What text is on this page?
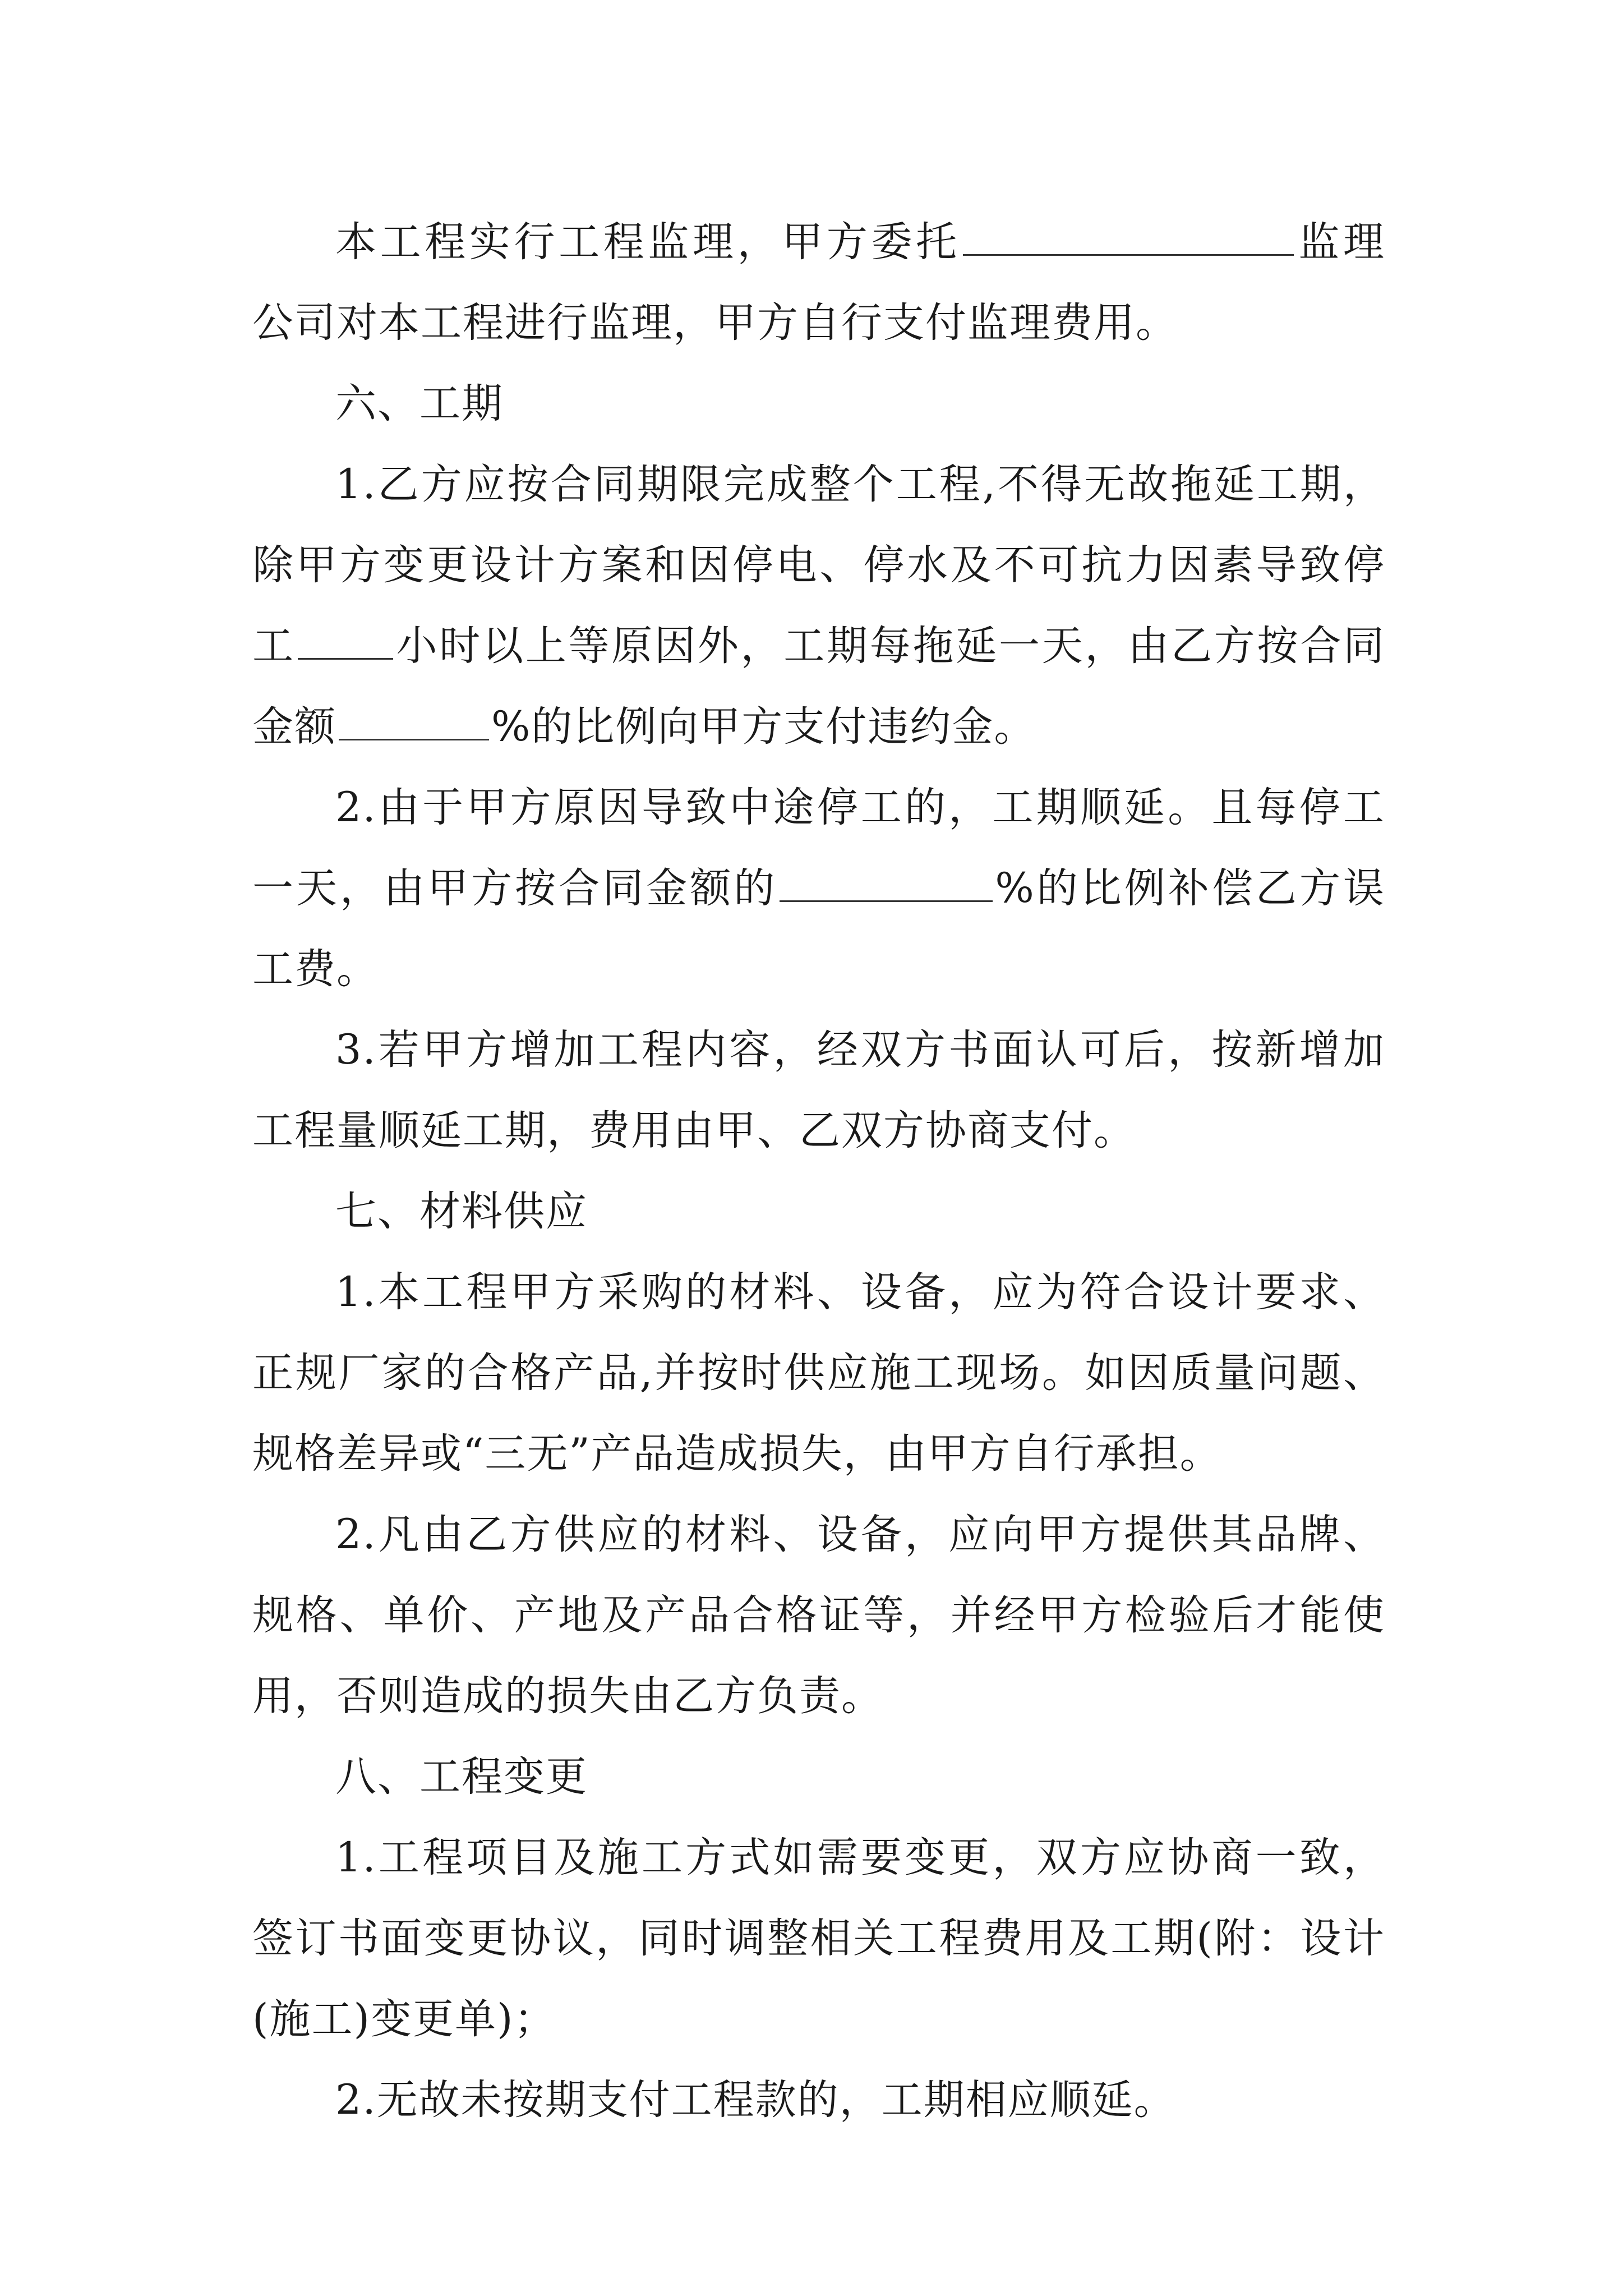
本工程实行工程监理，甲方委托	监理公司对本工程进行监理，甲方自行支付监理费用。

六、工期

1.乙方应按合同期限完成整个工程,不得无故拖延工期，除甲方变更设计方案和因停电、停水及不可抗力因素导致停工 小时以上等原因外，工期每拖延一天，由乙方按合同金额	%的比例向甲方支付违约金。

2.由于甲方原因导致中途停工的，工期顺延。且每停工一天，由甲方按合同金额的	%的比例补偿乙方误工费。

3.若甲方增加工程内容，经双方书面认可后，按新增加工程量顺延工期，费用由甲、乙双方协商支付。

七、材料供应

1.本工程甲方采购的材料、设备，应为符合设计要求、正规厂家的合格产品,并按时供应施工现场。如因质量问题、规格差异或“三无”产品造成损失，由甲方自行承担。

2.凡由乙方供应的材料、设备，应向甲方提供其品牌、规格、单价、产地及产品合格证等，并经甲方检验后才能使用，否则造成的损失由乙方负责。

八、工程变更

1.工程项目及施工方式如需要变更，双方应协商一致，签订书面变更协议，同时调整相关工程费用及工期(附：设计(施工)变更单)；

2.无故未按期支付工程款的，工期相应顺延。
